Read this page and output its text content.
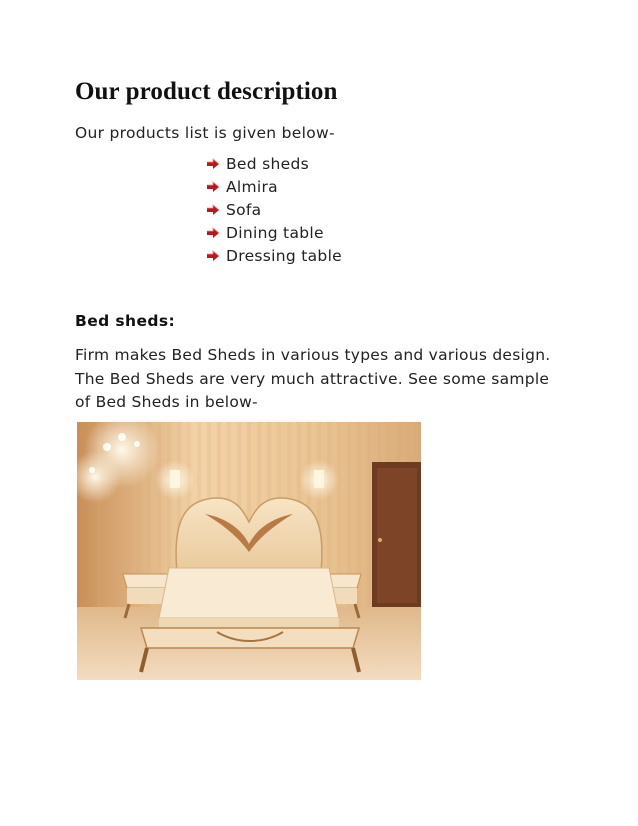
Our product description
Our products list is given below-
Bed sheds
Almira
Sofa
Dining table
Dressing table
Bed sheds:

Firm makes Bed Sheds in various types and various design. The Bed Sheds are very much attractive. See some sample of Bed Sheds in below-
